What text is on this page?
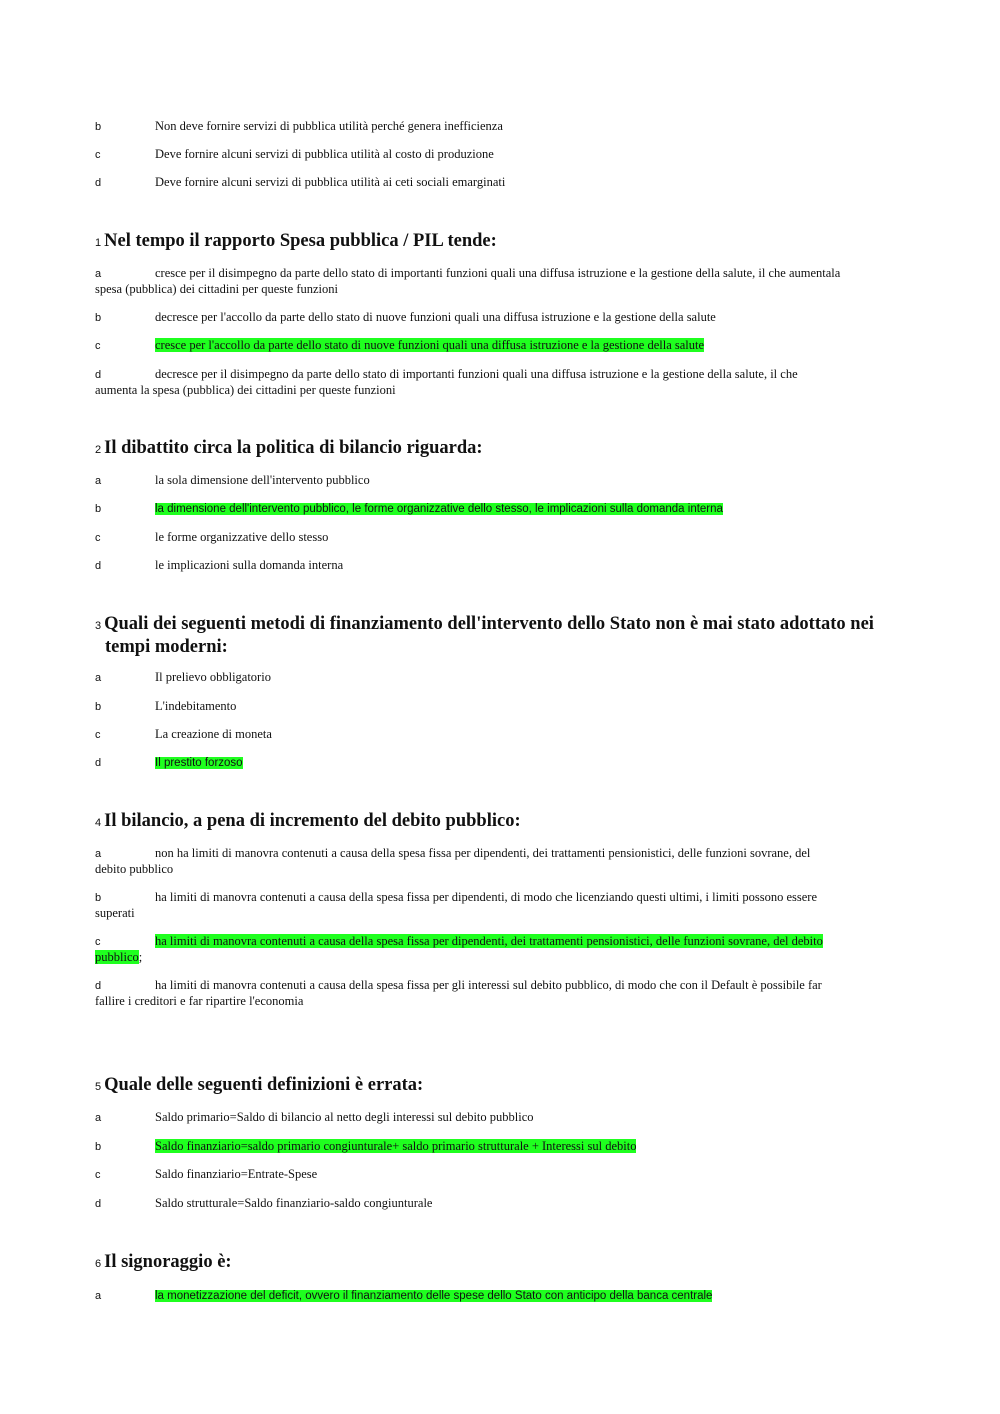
b	Non deve fornire servizi di pubblica utilità perché genera inefficienza
c	Deve fornire alcuni servizi di pubblica utilità al costo di produzione
d	Deve fornire alcuni servizi di pubblica utilità ai ceti sociali emarginati
1 Nel tempo il rapporto Spesa pubblica / PIL tende:
a	cresce per il disimpegno da parte dello stato di importanti funzioni quali una diffusa istruzione e la gestione della salute, il che aumentala
spesa (pubblica) dei cittadini per queste funzioni
b	decresce per l'accollo da parte dello stato di nuove funzioni quali una diffusa istruzione e la gestione della salute
c	cresce per l'accollo da parte dello stato di nuove funzioni quali una diffusa istruzione e la gestione della salute
d	decresce per il disimpegno da parte dello stato di importanti funzioni quali una diffusa istruzione e la gestione della salute, il che
aumenta la spesa (pubblica) dei cittadini per queste funzioni
2 Il dibattito circa la politica di bilancio riguarda:
a	la sola dimensione dell'intervento pubblico
b	la dimensione dell'intervento pubblico, le forme organizzative dello stesso, le implicazioni sulla domanda interna
c	le forme organizzative dello stesso
d	le implicazioni sulla domanda interna
3 Quali dei seguenti metodi di finanziamento dell'intervento dello Stato non è mai stato adottato nei
tempi moderni:
a	Il prelievo obbligatorio
b	L'indebitamento
c	La creazione di moneta
d	Il prestito forzoso
4 Il bilancio, a pena di incremento del debito pubblico:
a	non ha limiti di manovra contenuti a causa della spesa fissa per dipendenti, dei trattamenti pensionistici, delle funzioni sovrane, del
debito pubblico
b	ha limiti di manovra contenuti a causa della spesa fissa per dipendenti, di modo che licenziando questi ultimi, i limiti possono essere
superati
c	ha limiti di manovra contenuti a causa della spesa fissa per dipendenti, dei trattamenti pensionistici, delle funzioni sovrane, del debito
pubblico;
d	ha limiti di manovra contenuti a causa della spesa fissa per gli interessi sul debito pubblico, di modo che con il Default è possibile far
fallire i creditori e far ripartire l'economia
5 Quale delle seguenti definizioni è errata:
a	Saldo primario=Saldo di bilancio al netto degli interessi sul debito pubblico
b	Saldo finanziario=saldo primario congiunturale+ saldo primario strutturale + Interessi sul debito
c	Saldo finanziario=Entrate-Spese
d	Saldo strutturale=Saldo finanziario-saldo congiunturale
6 Il signoraggio è:
a	la monetizzazione del deficit, ovvero il finanziamento delle spese dello Stato con anticipo della banca centrale
